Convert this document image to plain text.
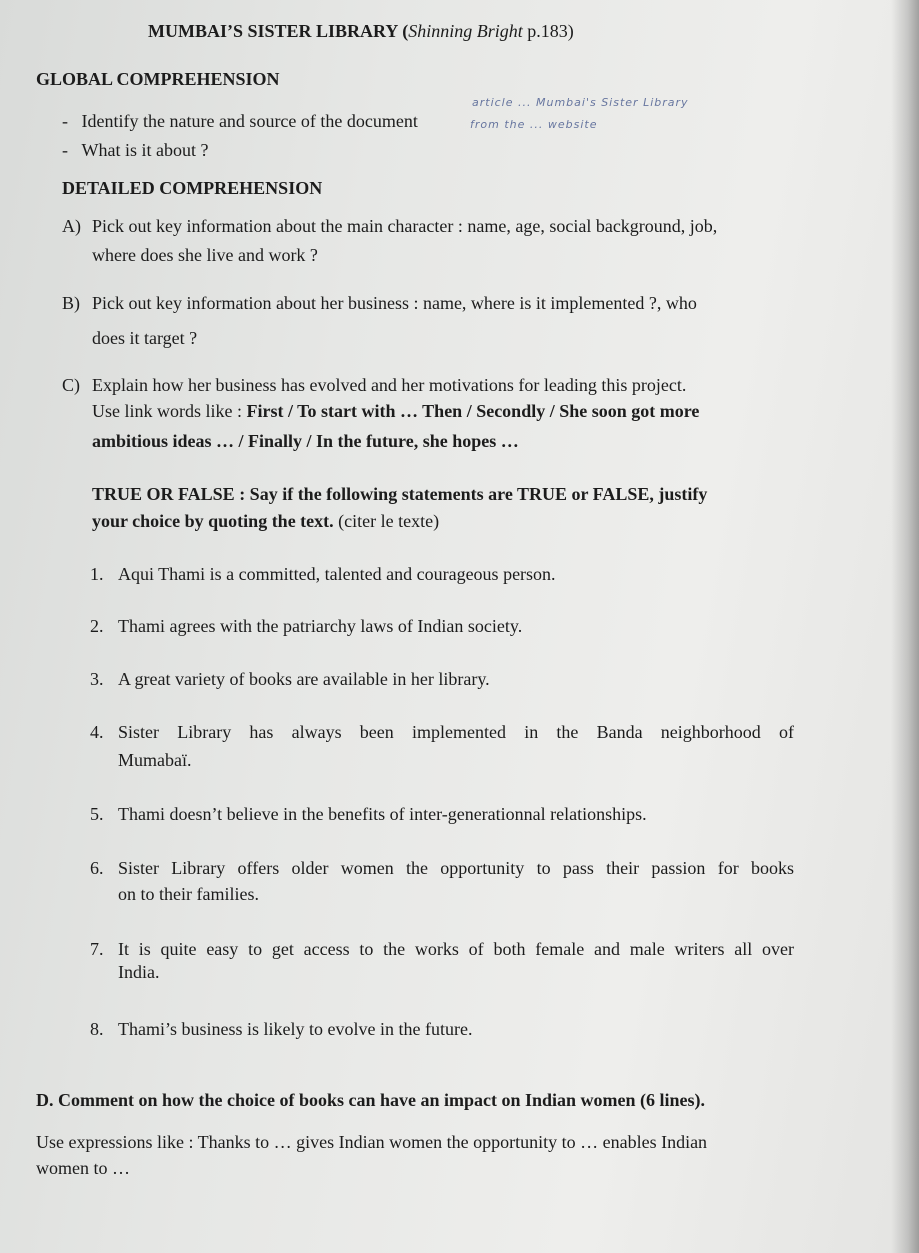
MUMBAI’S SISTER LIBRARY (Shinning Bright p.183)
GLOBAL COMPREHENSION
-   Identify the nature and source of the document
-   What is it about ?
article ... Mumbai's Sister Library
from the ... website
DETAILED COMPREHENSION
A) Pick out key information about the main character : name, age, social background, job,
where does she live and work ?
B) Pick out key information about her business : name, where is it implemented ?, who
does it target ?
C) Explain how her business has evolved and her motivations for leading this project.
Use link words like : First / To start with … Then / Secondly / She soon got more
ambitious ideas … / Finally / In the future, she hopes …
TRUE OR FALSE : Say if the following statements are TRUE or FALSE, justify
your choice by quoting the text. (citer le texte)
1. Aqui Thami is a committed, talented and courageous person.
2. Thami agrees with the patriarchy laws of Indian society.
3. A great variety of books are available in her library.
4. Sister Library has always been implemented in the Banda neighborhood of
Mumabaï.
5. Thami doesn’t believe in the benefits of inter-generationnal relationships.
6. Sister Library offers older women the opportunity to pass their passion for books
on to their families.
7. It is quite easy to get access to the works of both female and male writers all over
India.
8. Thami’s business is likely to evolve in the future.
D. Comment on how the choice of books can have an impact on Indian women (6 lines).
Use expressions like : Thanks to … gives Indian women the opportunity to … enables Indian
women to …
